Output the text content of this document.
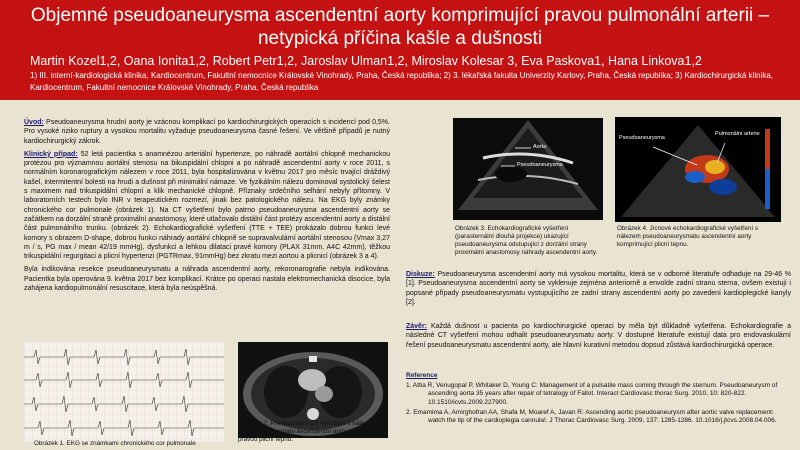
Objemné pseudoaneurysma ascendentní aorty komprimující pravou pulmonální arterii –
netypická příčina kašle a dušnosti
Martin Kozel1,2, Oana Ionita1,2, Robert Petr1,2, Jaroslav Ulman1,2, Miroslav Kolesar 3, Eva Paskova1, Hana Linkova1,2
1) III. interní-kardiologická klinika, Kardiocentrum, Fakultní nemocnice Královské Vinohrady, Praha, Česká republika; 2) 3. lékařská fakulta Univerzity Karlovy, Praha, Česká republika; 3) Kardiochirurgická klinika, Kardiocentrum, Fakultní nemocnice Královské Vinohrady, Praha, Česká republika

Úvod: Pseudoaneurysma hrudní aorty je vzácnou komplikací po kardiochirurgických operacích s incidencí pod 0,5%. Pro vysoké riziko ruptury a vysokou mortalitu vyžaduje pseudoaneurysma časné řešení. Ve většině případů je nutný kardiochirurgický zákrok.

Klinický případ: 52 letá pacientka s anamnézou arteriální hypertenze, po náhradě aortální chlopně mechanickou protézou pro významnou aortální stenosu na bikuspidální chlopni a po náhradě ascendentní aorty v roce 2011, s normálním koronarografickým nálezem v roce 2011, byla hospitalizována v květnu 2017 pro měsíc trvající dráždivý kašel, intermitentní bolesti na hrudi a dušnost při minimální námaze. Ve fyzikálním nálezu dominoval systolický šelest s maximem nad trikuspidální chlopní a klik mechanické chlopně. Příznaky srdečního selhání nebyly přítomny. V laboratorních testech bylo INR v terapeutickém rozmezí, jinak bez patologického nálezu. Na EKG byly známky chronického cor pulmonale (obrázek 1). Na CT vyšetření bylo patrno pseudoaneurysma ascendentní aorty se začátkem na dorzální straně proximální anastomosy, které utlačovalo distální část protézy ascendentní aorty a distální část pulmonálního trunku. (obrázek 2). Echokardiografické vyšetření (TTE + TEE) prokázalo dobrou funkci levé komory s obrazem D-shape, dobrou funkci náhrady aortální chlopně se supravalvulární aortální stenosou (Vmax 3,27 m / s, PG max / mean 42/19 mmHg), dysfunkci a lehkou dilataci pravé komory (PLAX 31mm, A4C 42mm), těžkou trikuspidální regurgitaci a plicní hypertenzi (PGTRmax, 91mmHg) bez zkratu mezi aortou a plicnicí (obrázek 3 a 4).

Byla indikována resekce pseudoaneurysmatu a náhrada ascendentní aorty, rekoronarografie nebyla indikována. Pacientka byla operována 9. května 2017 bez komplikací. Krátce po operaci nastala elektromechanická disocice, byla zahájena kardiopulmonální resuscitace, která byla neúspěšná.

Obrázek 1. EKG se známkami chronického cor pulmonale
Obrázek 2. Předoperační CT vyšetření s nálezem pseudoaneurysmatu ascendentní aorty komprimující pravou plicní tepnu.
Aorta
Pseudoaneurysma
Obrázek 3. Echokardiografické vyšetření (parasternální dlouhá projekce) ukazující pseudoaneurysma odstupující z dorzální strany proximální anastomosy náhrady ascendentní aorty.
Pseudoaneurysma
Pulmonální arterie
Obrázek 4. Jícnové echokardiografické vyšetření s nálezem pseudoaneurysmatu ascendentní aorty komprimující plicní tepnu.

Diskuze: Pseudoaneurysma ascendentní aorty má vysokou mortalitu, která se v odborné literatuře odhaduje na 29-46 % [1]. Pseudoaneurysma ascendentní aorty se vyklenuje zejména anteriorně a envolde zadní stranu sterna, ovšem existují i popsané případy pseudoaneurysmatu vystupujícího ze zadní strany ascendentní aorty po zavedení kardioplegické kanyly [2].

Závěr: Každá dušnost u pacienta po kardiochirurgické operaci by měla být důkladně vyšetřena. Echokardiografie a následné CT vyšetření mohou odhalit pseudoaneurysmatu aorty. V dostupné literatuře existují data pro endovaskulární řešení pseudoaneurysmatu ascendentní aorty, ale hlavní kurativní metodou dopsud zůstává kardiochirurgická operace.

Reference
1. Attia R, Venugopal P, Whitaker D, Young C: Management of a pulsatile mass coming through the sternum. Pseudoaneurysm of ascending aorta 35 years after repair of tetralogy of Fallot. Interact Cardiovasc thorac Surg. 2010, 10: 820-822. 10.1510/icvts.2009.227900.
2. Emamima A, Amirghofran AA, Shafa M, Moaref A, Javan R: Ascending aortic pseudoaneurysm after aortic valve replacement: watch the tip of the cardioplegia cannula!. J Thorac Cardiovasc Surg. 2009, 137: 1285-1286. 10.1016/j.jtcvs.2008.04.006.
